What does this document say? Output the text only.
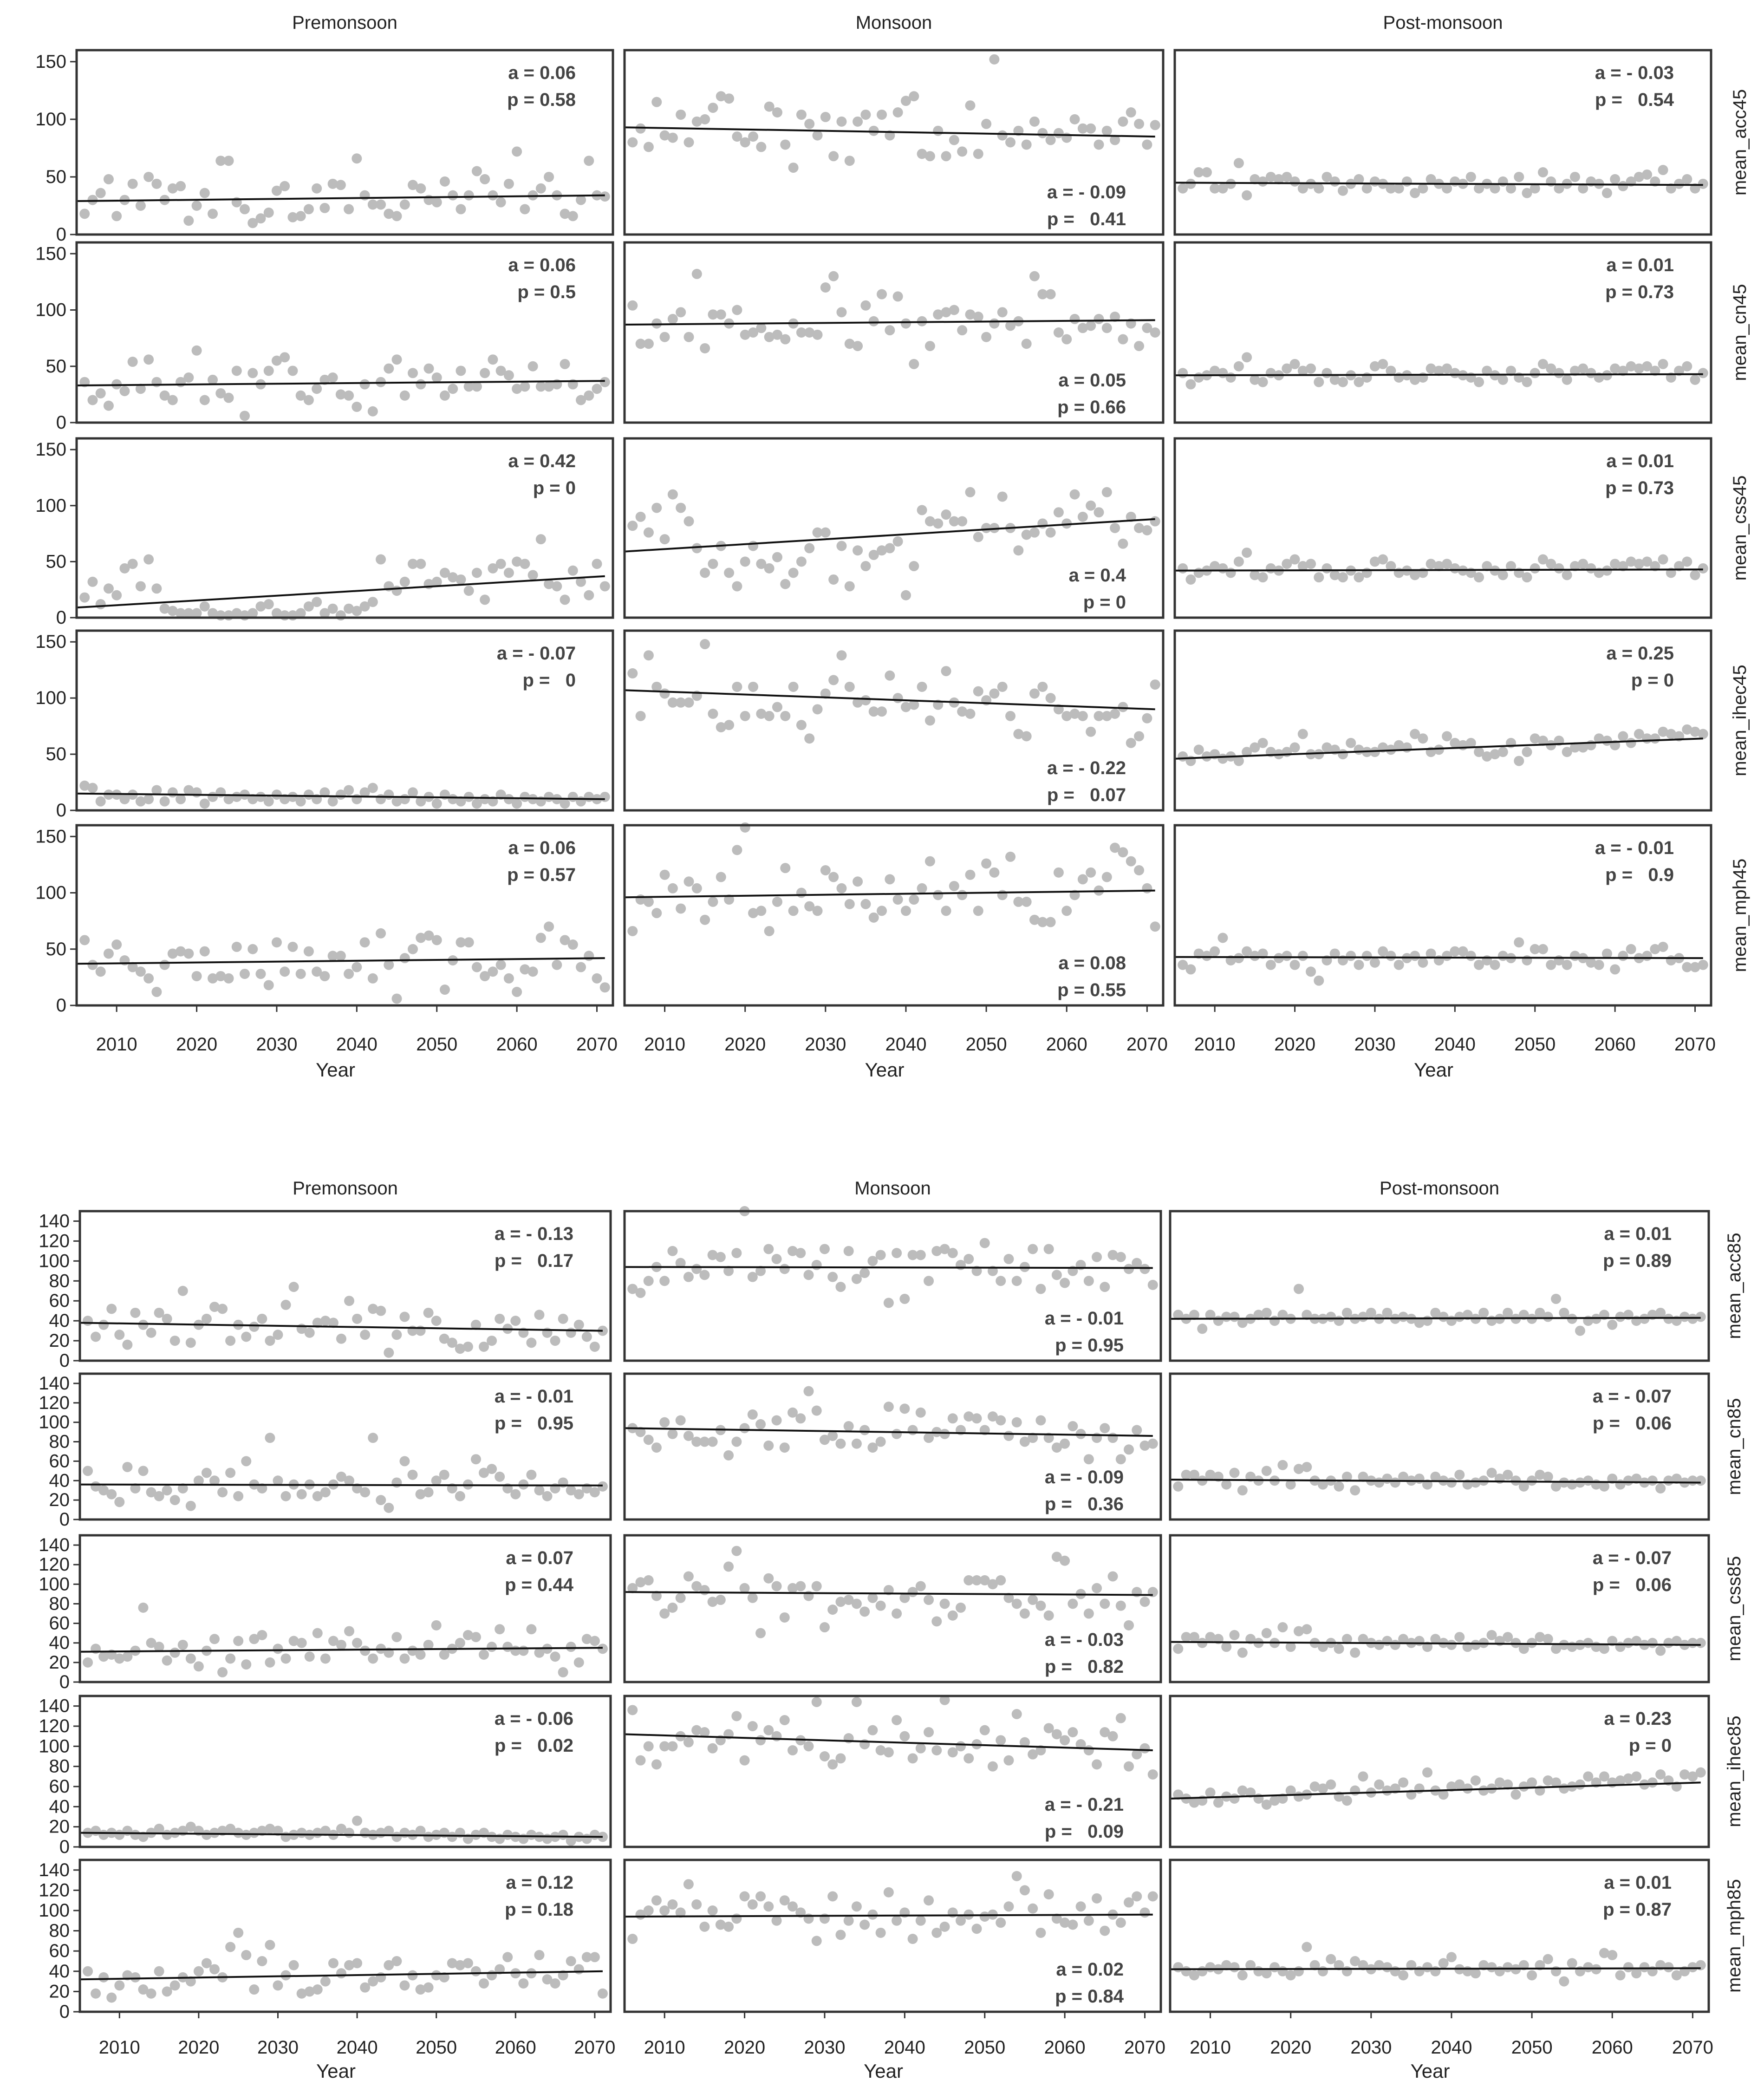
Premonsoon	Monsoon	Post-monsoon
mean_acc45
mean_cn45
mean_css45
mean_ihec45
mean_mph45
0
50
100
150
0
50
100
150
0
50
100
150
0
50
100
150
0
50
100
150
2010 2020 2030 2040 2050 2060 2070
Year
2010 2020 2030 2040 2050 2060 2070
Year
2010 2020 2030 2040 2050 2060 2070
Year
a = 0.06
p = 0.58
a = - 0.09
p =   0.41
a = - 0.03
p =   0.54
a = 0.06
p = 0.5
a = 0.05
p = 0.66
a = 0.01
p = 0.73
a = 0.42
p = 0
a = 0.4
p = 0
a = 0.01
p = 0.73
a = - 0.07
p =   0
a = - 0.22
p =   0.07
a = 0.25
p = 0
a = 0.06
p = 0.57
a = 0.08
p = 0.55
a = - 0.01
p =   0.9
Premonsoon	Monsoon	Post-monsoon
mean_acc85
mean_cn85
mean_css85
mean_ihec85
mean_mph85
0
20
40
60
80
100
120
140
0
20
40
60
80
100
120
140
0
20
40
60
80
100
120
140
0
20
40
60
80
100
120
140
0
20
40
60
80
100
120
140
2010 2020 2030 2040 2050 2060 2070
Year
2010 2020 2030 2040 2050 2060 2070
Year
2010 2020 2030 2040 2050 2060 2070
Year
a = - 0.13
p =   0.17
a = - 0.01
p = 0.95
a = 0.01
p = 0.89
a = - 0.01
p =   0.95
a = - 0.09
p =   0.36
a = - 0.07
p =   0.06
a = 0.07
p = 0.44
a = - 0.03
p =   0.82
a = - 0.07
p =   0.06
a = - 0.06
p =   0.02
a = - 0.21
p =   0.09
a = 0.23
p = 0
a = 0.12
p = 0.18
a = 0.02
p = 0.84
a = 0.01
p = 0.87
